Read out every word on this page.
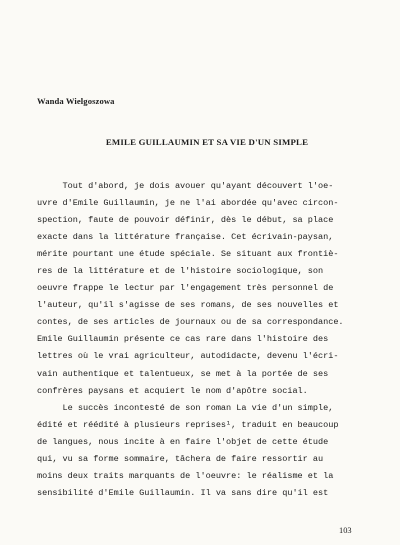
Wanda Wielgoszowa
EMILE GUILLAUMIN ET SA VIE D'UN SIMPLE
Tout d'abord, je dois avouer qu'ayant découvert l'oe-
uvre d'Emile Guillaumin, je ne l'ai abordée qu'avec circon-
spection, faute de pouvoir définir, dès le début, sa place
exacte dans la littérature française. Cet écrivain-paysan,
mérite pourtant une étude spéciale. Se situant aux frontiè-
res de la littérature et de l'histoire sociologique, son
oeuvre frappe le lectur par l'engagement très personnel de
l'auteur, qu'il s'agisse de ses romans, de ses nouvelles et
contes, de ses articles de journaux ou de sa correspondance.
Emile Guillaumin présente ce cas rare dans l'histoire des
lettres où le vrai agriculteur, autodidacte, devenu l'écri-
vain authentique et talentueux, se met à la portée de ses
confrères paysans et acquiert le nom d'apôtre social.
Le succès incontesté de son roman La vie d'un simple,
édité et réédité à plusieurs reprises¹, traduit en beaucoup
de langues, nous incite à en faire l'objet de cette étude
qui, vu sa forme sommaire, tâchera de faire ressortir au
moins deux traits marquants de l'oeuvre: le réalisme et la
sensibilité d'Emile Guillaumin. Il va sans dire qu'il est
103
